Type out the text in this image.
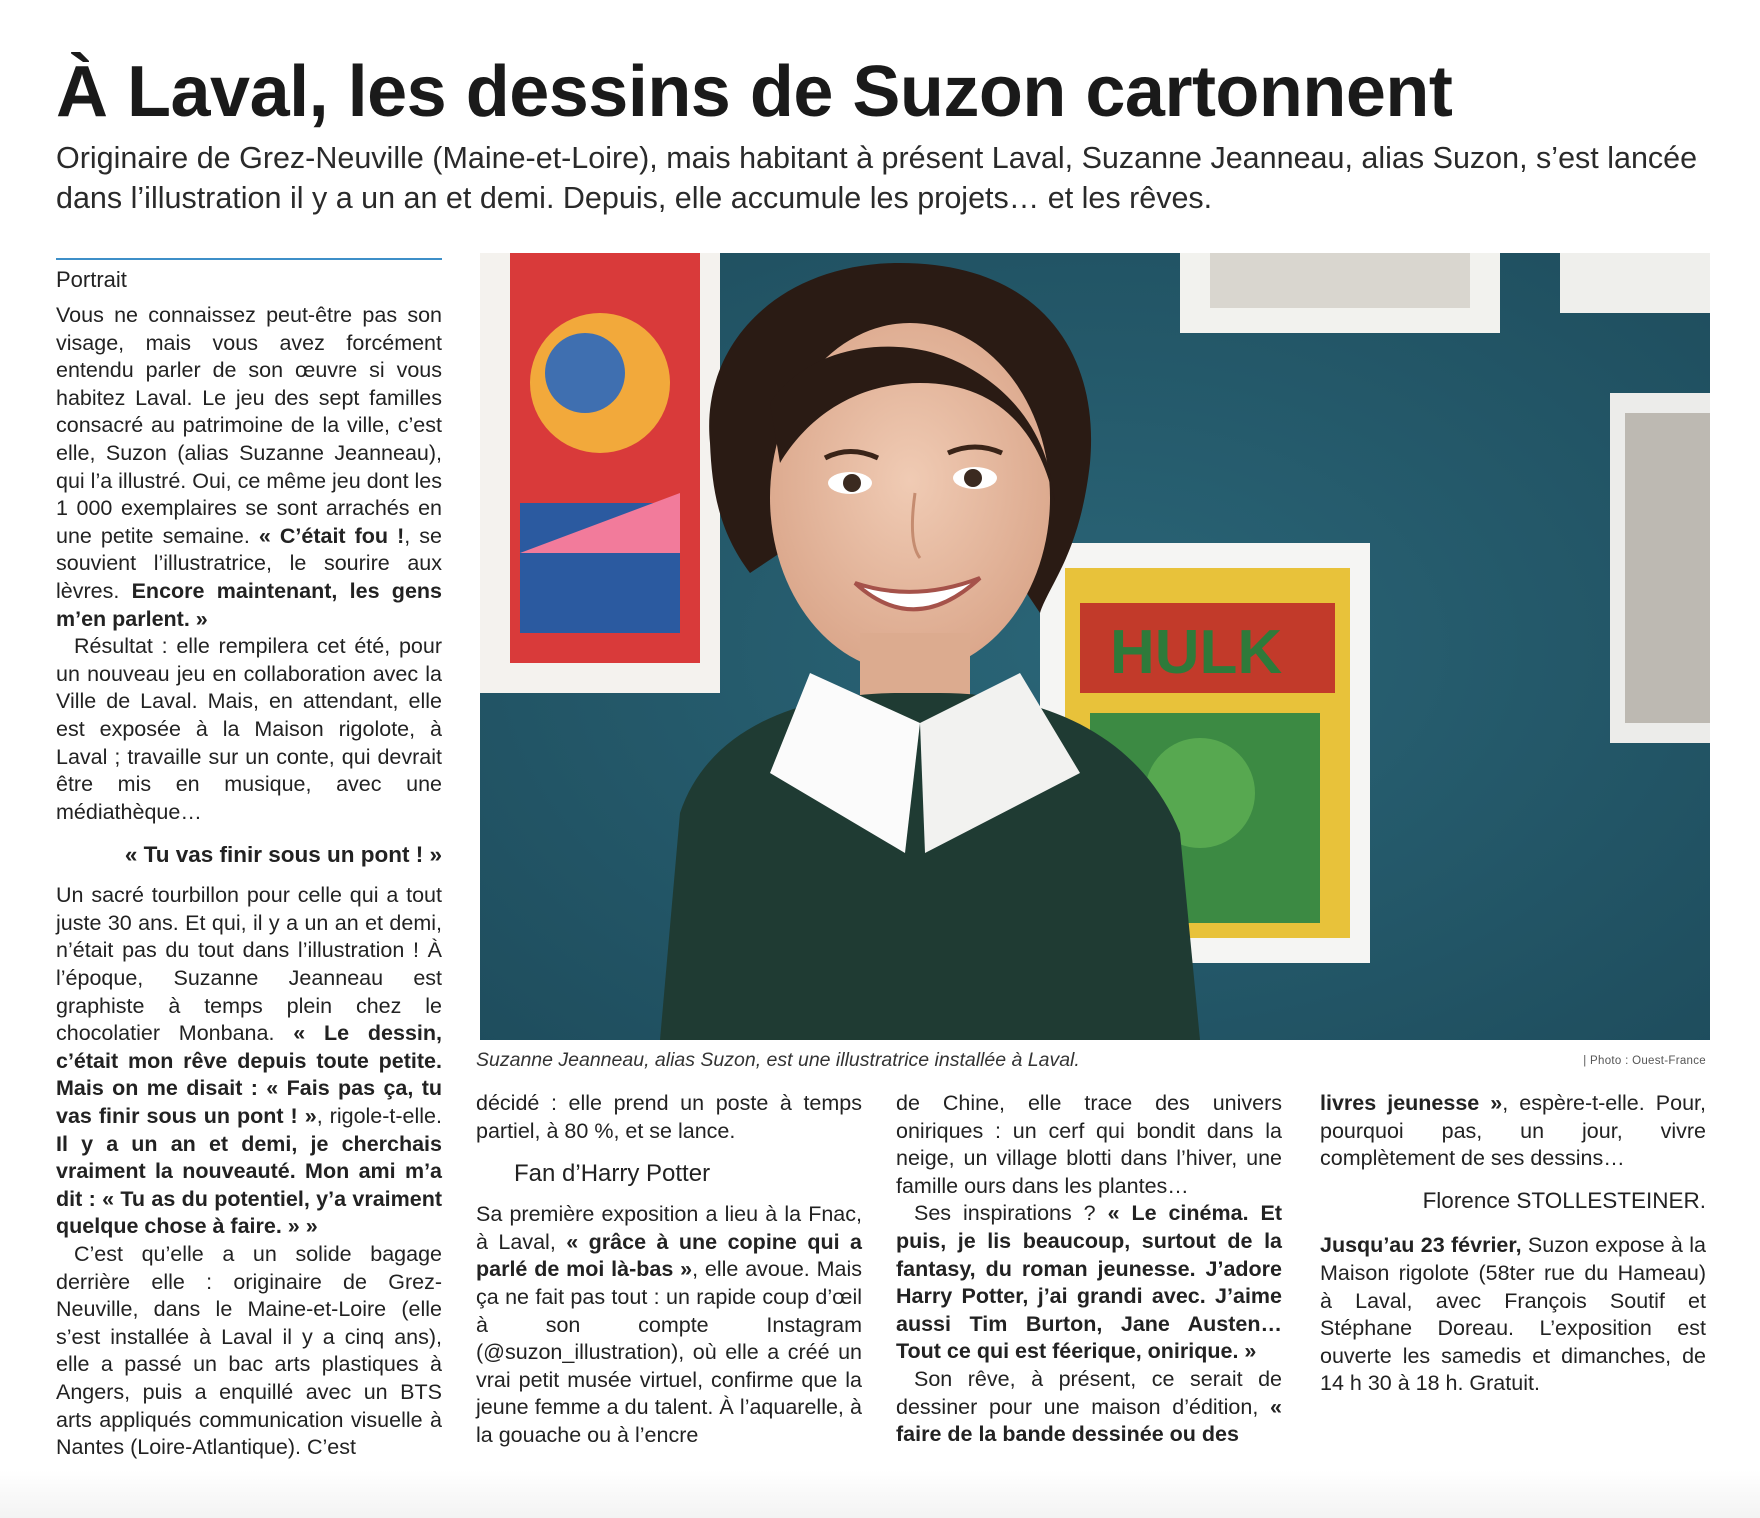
À Laval, les dessins de Suzon cartonnent

Originaire de Grez-Neuville (Maine-et-Loire), mais habitant à présent Laval, Suzanne Jeanneau, alias Suzon, s’est lancée dans l’illustration il y a un an et demi. Depuis, elle accumule les projets… et les rêves.

Portrait

Vous ne connaissez peut-être pas son visage, mais vous avez forcément entendu parler de son œuvre si vous habitez Laval. Le jeu des sept familles consacré au patrimoine de la ville, c’est elle, Suzon (alias Suzanne Jeanneau), qui l’a illustré. Oui, ce même jeu dont les 1 000 exemplaires se sont arrachés en une petite semaine. « C’était fou !, se souvient l’illustratrice, le sourire aux lèvres. Encore maintenant, les gens m’en parlent. »

Résultat : elle rempilera cet été, pour un nouveau jeu en collaboration avec la Ville de Laval. Mais, en attendant, elle est exposée à la Maison rigolote, à Laval ; travaille sur un conte, qui devrait être mis en musique, avec une médiathèque…

« Tu vas finir sous un pont ! »

Un sacré tourbillon pour celle qui a tout juste 30 ans. Et qui, il y a un an et demi, n’était pas du tout dans l’illustration ! À l’époque, Suzanne Jeanneau est graphiste à temps plein chez le chocolatier Monbana. « Le dessin, c’était mon rêve depuis toute petite. Mais on me disait : « Fais pas ça, tu vas finir sous un pont ! », rigole-t-elle. Il y a un an et demi, je cherchais vraiment la nouveauté. Mon ami m’a dit : « Tu as du potentiel, y’a vraiment quelque chose à faire. » »

C’est qu’elle a un solide bagage derrière elle : originaire de Grez-Neuville, dans le Maine-et-Loire (elle s’est installée à Laval il y a cinq ans), elle a passé un bac arts plastiques à Angers, puis a enquillé avec un BTS arts appliqués communication visuelle à Nantes (Loire-Atlantique). C’est

HULK
Suzanne Jeanneau, alias Suzon, est une illustratrice installée à Laval.	| Photo : Ouest-France

décidé : elle prend un poste à temps partiel, à 80 %, et se lance.

Fan d’Harry Potter

Sa première exposition a lieu à la Fnac, à Laval, « grâce à une copine qui a parlé de moi là-bas », elle avoue. Mais ça ne fait pas tout : un rapide coup d’œil à son compte Instagram (@suzon_illustration), où elle a créé un vrai petit musée virtuel, confirme que la jeune femme a du talent. À l’aquarelle, à la gouache ou à l’encre

de Chine, elle trace des univers oniriques : un cerf qui bondit dans la neige, un village blotti dans l’hiver, une famille ours dans les plantes…

Ses inspirations ? « Le cinéma. Et puis, je lis beaucoup, surtout de la fantasy, du roman jeunesse. J’adore Harry Potter, j’ai grandi avec. J’aime aussi Tim Burton, Jane Austen… Tout ce qui est féerique, onirique. »

Son rêve, à présent, ce serait de dessiner pour une maison d’édition, « faire de la bande dessinée ou des

livres jeunesse », espère-t-elle. Pour, pourquoi pas, un jour, vivre complètement de ses dessins…

Florence STOLLESTEINER.

Jusqu’au 23 février, Suzon expose à la Maison rigolote (58ter rue du Hameau) à Laval, avec François Soutif et Stéphane Doreau. L’exposition est ouverte les samedis et dimanches, de 14 h 30 à 18 h. Gratuit.
